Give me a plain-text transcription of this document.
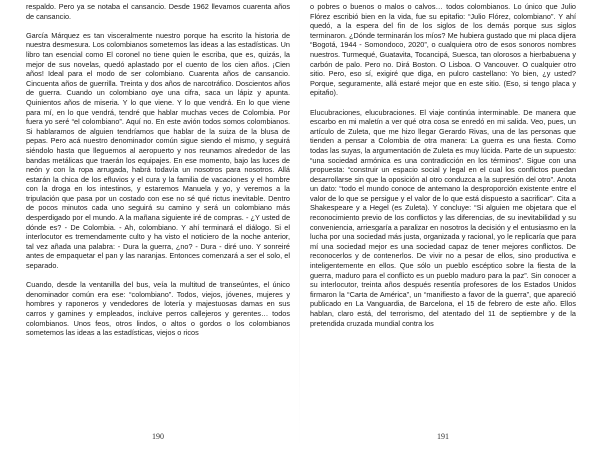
respaldo. Pero ya se notaba el cansancio. Desde 1962 llevamos cuarenta años de cansancio.

García Márquez es tan visceralmente nuestro porque ha escrito la historia de nuestra desmesura. Los colombianos sometemos las ideas a las estadísticas. Un libro tan esencial como El coronel no tiene quien le escriba, que es, quizás, la mejor de sus novelas, quedó aplastado por el cuento de los cien años. ¡Cien años! Ideal para el modo de ser colombiano. Cuarenta años de cansancio. Cincuenta años de guerrilla. Treinta y dos años de narcotráfico. Doscientos años de guerra. Cuando un colombiano oye una cifra, saca un lápiz y apunta. Quinientos años de miseria. Y lo que viene. Y lo que vendrá. En lo que viene para mí, en lo que vendrá, tendré que hablar muchas veces de Colombia. Por fuera yo seré “el colombiano”. Aquí no. En este avión todos somos colombianos. Si hablaramos de alguien tendríamos que hablar de la suiza de la blusa de pepas. Pero acá nuestro denominador común sigue siendo el mismo, y seguirá siéndolo hasta que lleguemos al aeropuerto y nos reunamos alrededor de las bandas metálicas que traerán los equipajes. En ese momento, bajo las luces de neón y con la ropa arrugada, habrá todavía un nosotros para nosotros. Allá estarán la chica de los efluvios y el cura y la familia de vacaciones y el hombre con la droga en los intestinos, y estaremos Manuela y yo, y veremos a la tripulación que pasa por un costado con ese no sé qué rictus inevitable. Dentro de pocos minutos cada uno seguirá su camino y será un colombiano más desperdigado por el mundo. A la mañana siguiente iré de compras. - ¿Y usted de dónde es? - De Colombia. - Ah, colombiano. Y ahí terminará el diálogo. Si el interlocutor es tremendamente culto y ha visto el noticiero de la noche anterior, tal vez añada una palabra: - Dura la guerra, ¿no? - Dura - diré uno. Y sonreiré antes de empaquetar el pan y las naranjas. Entonces comenzará a ser el solo, el separado.

Cuando, desde la ventanilla del bus, veía la multitud de transeúntes, el único denominador común era ese: “colombiano”. Todos, viejos, jóvenes, mujeres y hombres y raponeros y vendedores de lotería y majestuosas damas en sus carros y gamines y empleados, incluive perros callejeros y gerentes… todos colombianos. Unos feos, otros lindos, o altos o gordos o los colombianos sometemos las ideas a las estadísticas, viejos o ricos

190

o pobres o buenos o malos o calvos… todos colombianos. Lo único que Julio Flórez escribió bien en la vida, fue su epitafio: “Julio Flórez, colombiano”. Y ahí quedó, a la espera del fin de los siglos de los demás porque sus siglos terminaron. ¿Dónde terminarán los míos? Me hubiera gustado que mi placa dijera “Bogotá, 1944 - Somondoco, 2020”, o cualquiera otro de esos sonoros nombres nuestros. Turmequé, Guatavita, Tocancipá, Suesca, tan olorosos a hierbabuena y carbón de palo. Pero no. Dirá Boston. O Lisboa. O Vancouver. O cualquier otro sitio. Pero, eso sí, exigiré que diga, en pulcro castellano: Yo bien, ¿y usted? Porque, seguramente, allá estaré mejor que en este sitio. (Eso, si tengo placa y epitafio).

Elucubraciones, elucubraciones. El viaje continúa interminable. De manera que escarbo en mi maletín a ver qué otra cosa se enredó en mi salida. Veo, pues, un artículo de Zuleta, que me hizo llegar Gerardo Rivas, una de las personas que tienden a pensar a Colombia de otra manera: La guerra es una fiesta. Como todas las suyas, la argumentación de Zuleta es muy lúcida. Parte de un supuesto: “una sociedad armónica es una contradicción en los términos”. Sigue con una propuesta: “construir un espacio social y legal en el cual los conflictos puedan desarrollarse sin que la oposición al otro conduzca a la supresión del otro”. Anota un dato: “todo el mundo conoce de antemano la desproporción existente entre el valor de lo que se persigue y el valor de lo que está dispuesto a sacrificar”. Cita a Shakespeare y a Hegel (es Zuleta). Y concluye: “Si alguien me objetara que el reconocimiento previo de los conflictos y las diferencias, de su inevitabilidad y su conveniencia, arriesgaría a paralizar en nosotros la decisión y el entusiasmo en la lucha por una sociedad más justa, organizada y racional, yo le replicaría que para mí una sociedad mejor es una sociedad capaz de tener mejores conflictos. De reconocerlos y de contenerlos. De vivir no a pesar de ellos, sino productiva e inteligentemente en ellos. Que sólo un pueblo escéptico sobre la fiesta de la guerra, maduro para el conflicto es un pueblo maduro para la paz”. Sin conocer a su interlocutor, treinta años después resentía profesores de los Estados Unidos firmaron la “Carta de América”, un “manifiesto a favor de la guerra”, que apareció publicado en La Vanguardia, de Barcelona, el 15 de febrero de este año. Ellos hablan, claro está, del terrorismo, del atentado del 11 de septiembre y de la pretendida cruzada mundial contra los

191
